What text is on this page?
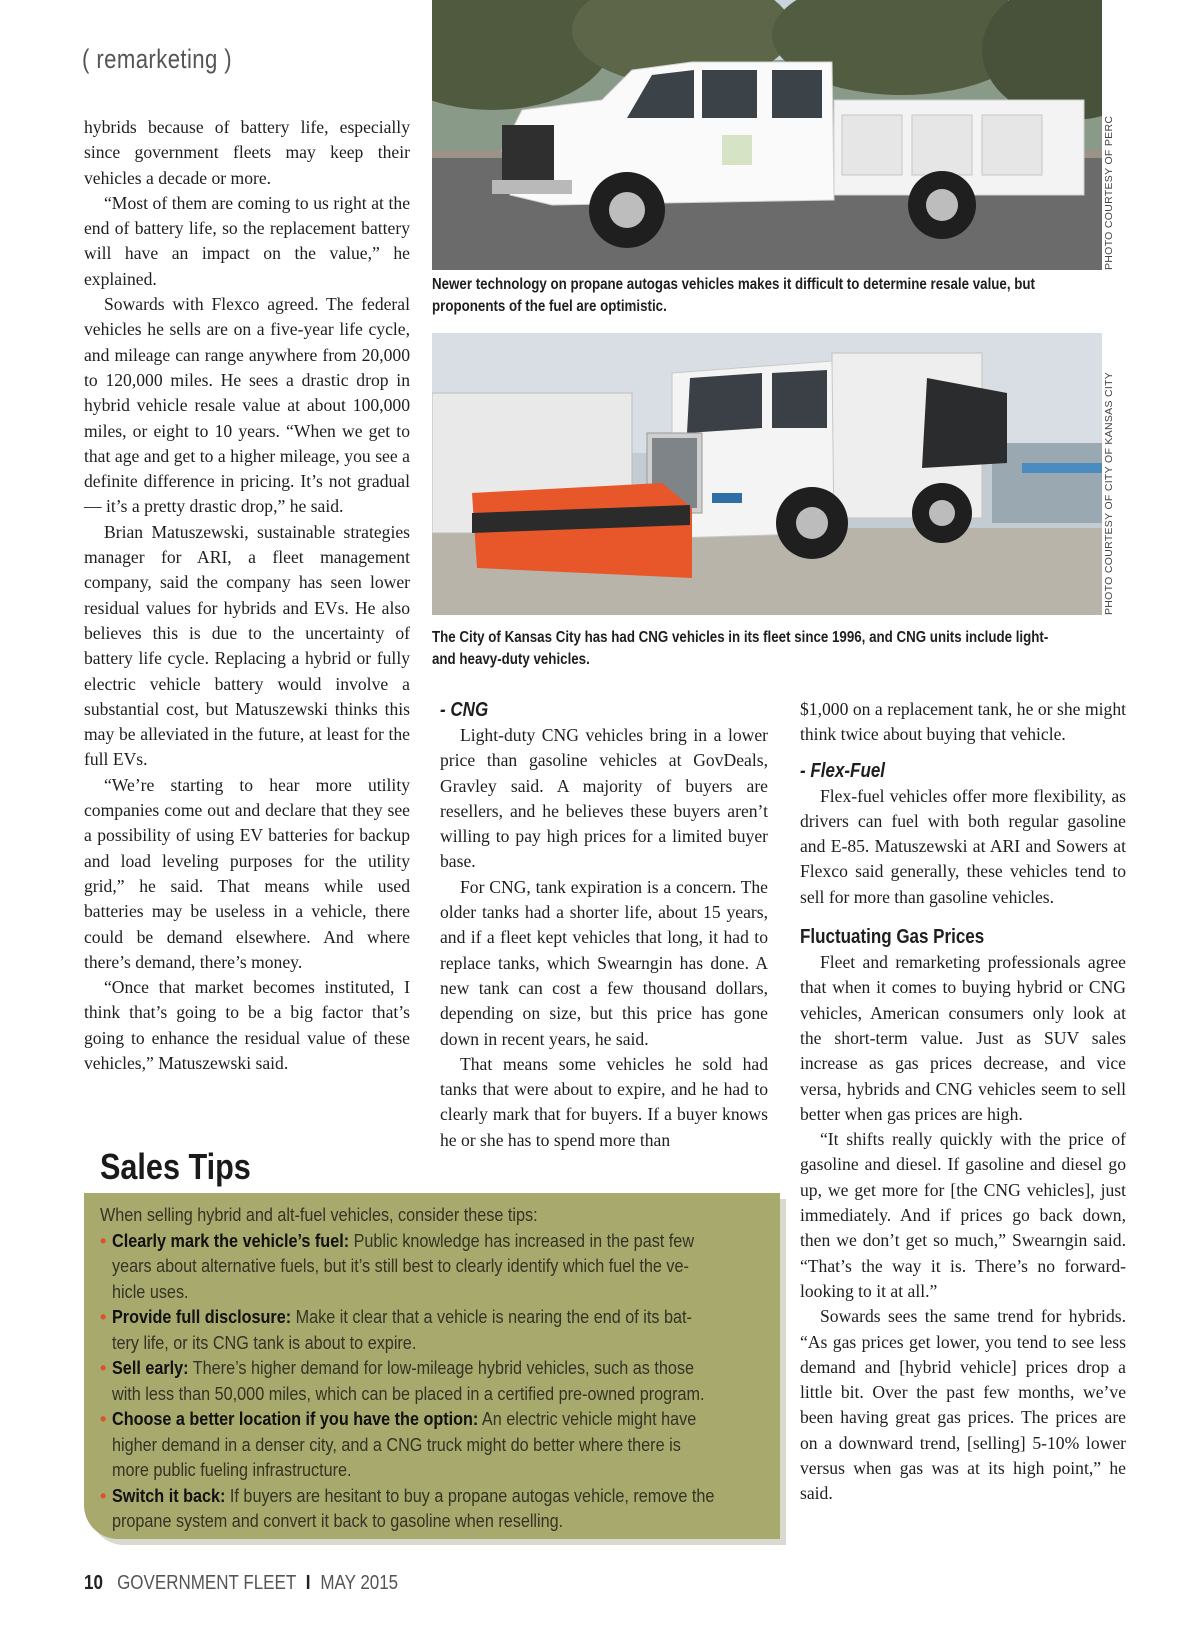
( remarketing )

hybrids because of battery life, especially since government fleets may keep their vehicles a decade or more.

“Most of them are coming to us right at the end of battery life, so the replacement battery will have an impact on the value,” he explained.

Sowards with Flexco agreed. The federal vehicles he sells are on a five-year life cycle, and mileage can range anywhere from 20,000 to 120,000 miles. He sees a drastic drop in hybrid vehicle resale value at about 100,000 miles, or eight to 10 years. “When we get to that age and get to a higher mileage, you see a definite difference in pricing. It’s not gradual — it’s a pretty drastic drop,” he said.

Brian Matuszewski, sustainable strategies manager for ARI, a fleet management company, said the company has seen lower residual values for hybrids and EVs. He also believes this is due to the uncertainty of battery life cycle. Replacing a hybrid or fully electric vehicle battery would involve a substantial cost, but Matuszewski thinks this may be alleviated in the future, at least for the full EVs.

“We’re starting to hear more utility companies come out and declare that they see a possibility of using EV batteries for backup and load leveling purposes for the utility grid,” he said. That means while used batteries may be useless in a vehicle, there could be demand elsewhere. And where there’s demand, there’s money.

“Once that market becomes instituted, I think that’s going to be a big factor that’s going to enhance the residual value of these vehicles,” Matuszewski said.

PHOTO COURTESY OF PERC
Newer technology on propane autogas vehicles makes it difficult to determine resale value, but
proponents of the fuel are optimistic.
PHOTO COURTESY OF CITY OF KANSAS CITY
The City of Kansas City has had CNG vehicles in its fleet since 1996, and CNG units include light-
and heavy-duty vehicles.
- CNG

Light-duty CNG vehicles bring in a lower price than gasoline vehicles at GovDeals, Gravley said. A majority of buyers are resellers, and he believes these buyers aren’t willing to pay high prices for a limited buyer base.

For CNG, tank expiration is a concern. The older tanks had a shorter life, about 15 years, and if a fleet kept vehicles that long, it had to replace tanks, which Swearngin has done. A new tank can cost a few thousand dollars, depending on size, but this price has gone down in recent years, he said.

That means some vehicles he sold had tanks that were about to expire, and he had to clearly mark that for buyers. If a buyer knows he or she has to spend more than

$1,000 on a replacement tank, he or she might think twice about buying that vehicle.

- Flex-Fuel

Flex-fuel vehicles offer more flexibility, as drivers can fuel with both regular gasoline and E-85. Matuszewski at ARI and Sowers at Flexco said generally, these vehicles tend to sell for more than gasoline vehicles.

Fluctuating Gas Prices

Fleet and remarketing professionals agree that when it comes to buying hybrid or CNG vehicles, American consumers only look at the short-term value. Just as SUV sales increase as gas prices decrease, and vice versa, hybrids and CNG vehicles seem to sell better when gas prices are high.

“It shifts really quickly with the price of gasoline and diesel. If gasoline and diesel go up, we get more for [the CNG vehicles], just immediately. And if prices go back down, then we don’t get so much,” Swearngin said. “That’s the way it is. There’s no forward-looking to it at all.”

Sowards sees the same trend for hybrids. “As gas prices get lower, you tend to see less demand and [hybrid vehicle] prices drop a little bit. Over the past few months, we’ve been having great gas prices. The prices are on a downward trend, [selling] 5-10% lower versus when gas was at its high point,” he said.

Sales Tips
When selling hybrid and alt-fuel vehicles, consider these tips:
• Clearly mark the vehicle’s fuel: Public knowledge has increased in the past few
years about alternative fuels, but it’s still best to clearly identify which fuel the ve-
hicle uses.
• Provide full disclosure: Make it clear that a vehicle is nearing the end of its bat-
tery life, or its CNG tank is about to expire.
• Sell early: There’s higher demand for low-mileage hybrid vehicles, such as those
with less than 50,000 miles, which can be placed in a certified pre-owned program.
• Choose a better location if you have the option: An electric vehicle might have
higher demand in a denser city, and a CNG truck might do better where there is
more public fueling infrastructure.
• Switch it back: If buyers are hesitant to buy a propane autogas vehicle, remove the
propane system and convert it back to gasoline when reselling.
10 GOVERNMENT FLEET I MAY 2015
